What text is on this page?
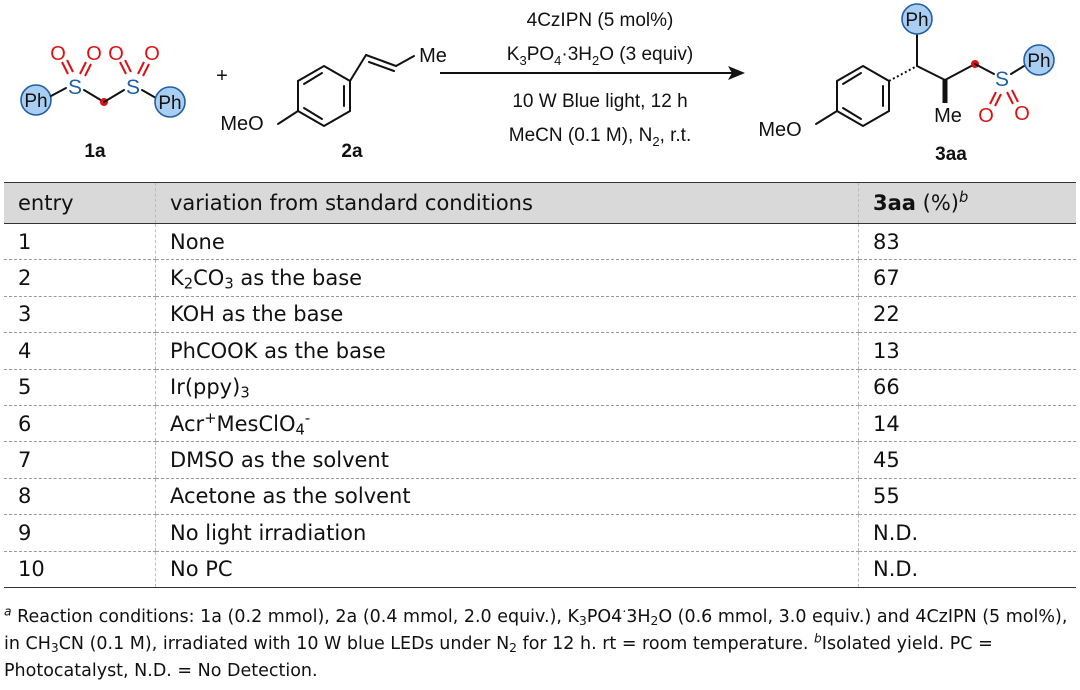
Ph
S
O O
S
O O
Ph
1a
+
Me
MeO
2a
4CzIPN (5 mol%)
$K_3PO_4\cdot 3H_2O$ (3 equiv)
10 W Blue light, 12 h
MeCN (0.1 M), $N_2$, r.t.	MeO
Ph
Me
S
O O
Ph
3aa
entry	variation from standard conditions	3aa (%)$^b$
1	None	83
2	$K_2CO_3$ as the base	67
3	KOH as the base	22
4	PhCOOK as the base	13
5	$Ir(ppy)_3$	66
6	Acr+MesClO$_4$-	14
7	DMSO as the solvent	45
8	Acetone as the solvent	55
9	No light irradiation	N.D.
10	No PC	N.D.
$^a$ Reaction conditions: 1a (0.2 mmol), 2a (0.4 mmol, 2.0 equiv.), $K_3PO4^\cdot 3H_2O$ (0.6 mmol, 3.0 equiv.) and 4CzIPN (5 mol%), in $CH_3CN$ (0.1 M), irradiated with 10 W blue LEDs under $N_2$ for 12 h. rt = room temperature. $^b$Isolated yield. PC = Photocatalyst, N.D. = No Detection.
